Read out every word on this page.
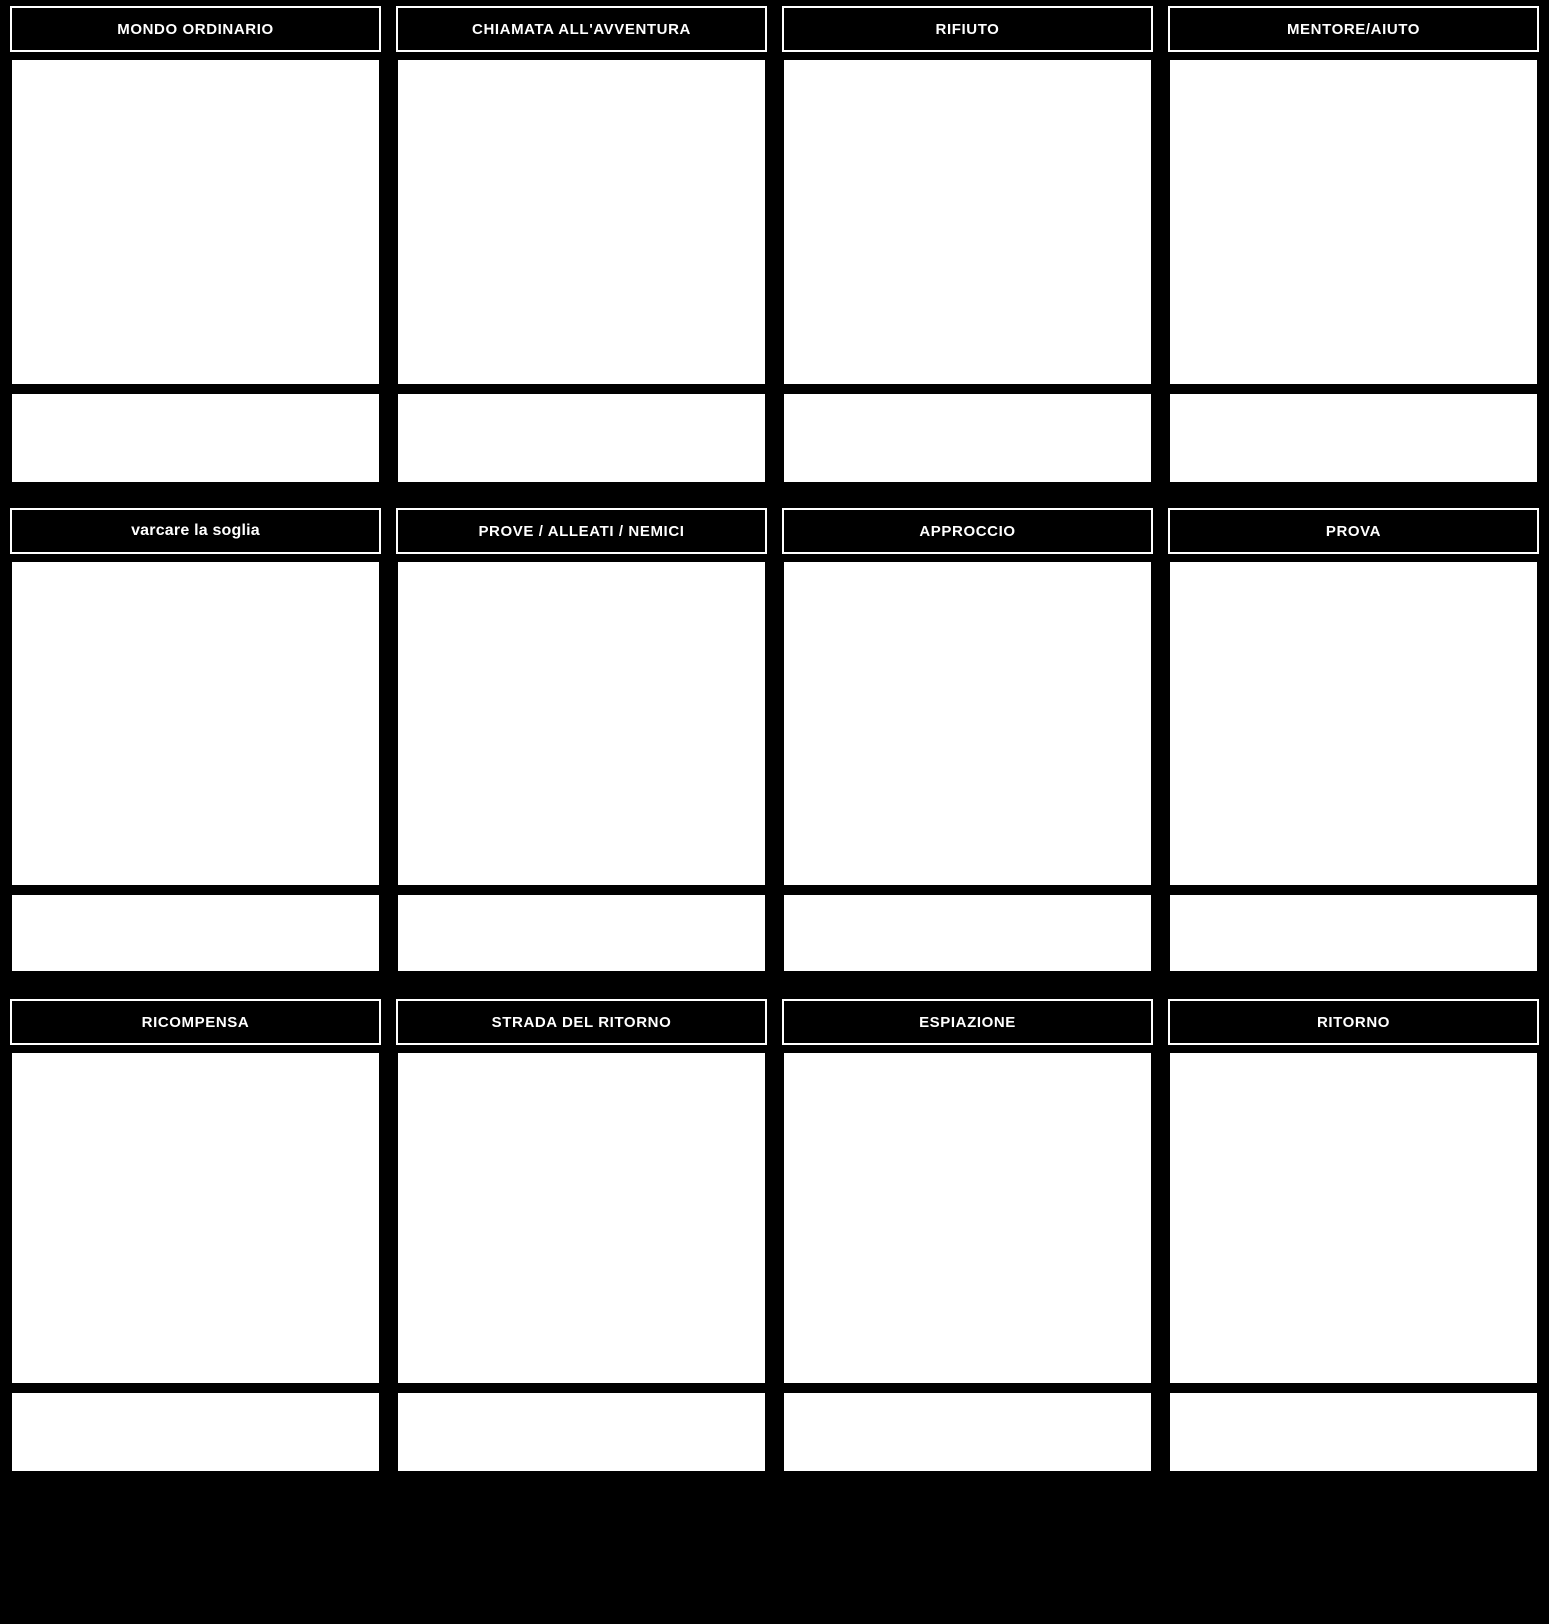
MONDO ORDINARIO	CHIAMATA ALL'AVVENTURA	RIFIUTO	MENTORE/AIUTO
varcare la soglia	PROVE / ALLEATI / NEMICI	APPROCCIO	PROVA
RICOMPENSA	STRADA DEL RITORNO	ESPIAZIONE	RITORNO
